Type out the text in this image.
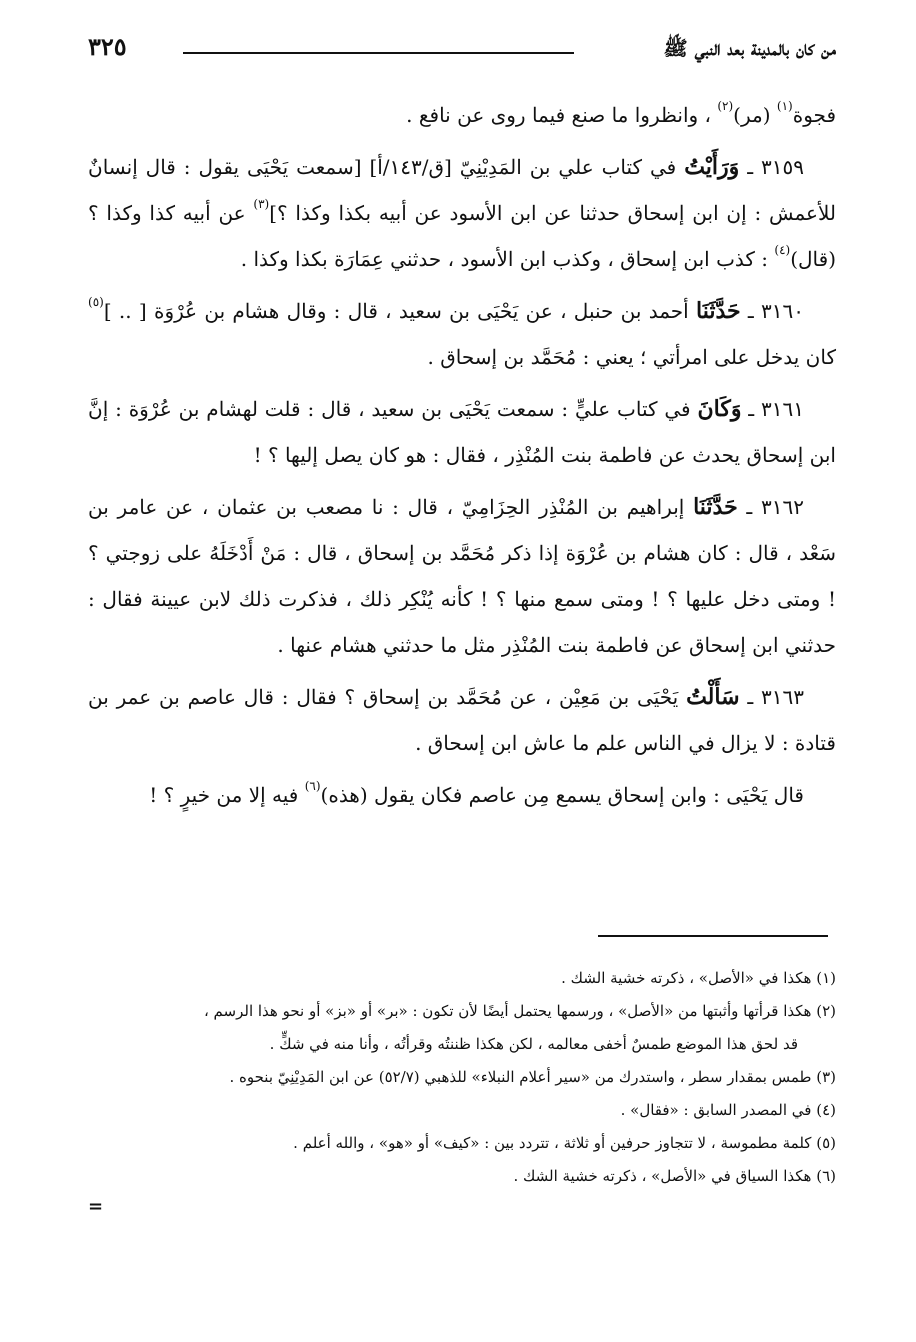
من كان بالمدينة بعد النبي ﷺ
٣٢٥

فجوة$^{(١)}$ (مر)$^{(٢)}$ ، وانظروا ما صنع فيما روى عن نافع .

٣١٥٩ ـ وَرَأَيْتُ في كتاب علي بن المَدِيْنِيّ [ق/١٤٣/أ] [سمعت يَحْيَى يقول : قال إنسانٌ للأعمش : إن ابن إسحاق حدثنا عن ابن الأسود عن أبيه بكذا وكذا ؟]$^{(٣)}$ عن أبيه كذا وكذا ؟ (قال)$^{(٤)}$ : كذب ابن إسحاق ، وكذب ابن الأسود ، حدثني عِمَارَة بكذا وكذا .

٣١٦٠ ـ حَدَّثَنَا أحمد بن حنبل ، عن يَحْيَى بن سعيد ، قال : وقال هشام بن عُرْوَة [ .. ]$^{(٥)}$ كان يدخل على امرأتي ؛ يعني : مُحَمَّد بن إسحاق .

٣١٦١ ـ وَكَانَ في كتاب عليٍّ : سمعت يَحْيَى بن سعيد ، قال : قلت لهشام بن عُرْوَة : إنَّ ابن إسحاق يحدث عن فاطمة بنت المُنْذِر ، فقال : هو كان يصل إليها ؟ !

٣١٦٢ ـ حَدَّثَنَا إبراهيم بن المُنْذِر الحِزَامِيّ ، قال : نا مصعب بن عثمان ، عن عامر بن سَعْد ، قال : كان هشام بن عُرْوَة إذا ذكر مُحَمَّد بن إسحاق ، قال : مَنْ أَدْخَلَهُ على زوجتي ؟ ! ومتى دخل عليها ؟ ! ومتى سمع منها ؟ ! كأنه يُنْكِر ذلك ، فذكرت ذلك لابن عيينة فقال : حدثني ابن إسحاق عن فاطمة بنت المُنْذِر مثل ما حدثني هشام عنها .

٣١٦٣ ـ سَأَلْتُ يَحْيَى بن مَعِيْن ، عن مُحَمَّد بن إسحاق ؟ فقال : قال عاصم بن عمر بن قتادة : لا يزال في الناس علم ما عاش ابن إسحاق .

قال يَحْيَى : وابن إسحاق يسمع مِن عاصم فكان يقول (هذه)$^{(٦)}$ فيه إلا من خيرٍ ؟ !

(١) هكذا في «الأصل» ، ذكرته خشية الشك .

(٢) هكذا قرأتها وأثبتها من «الأصل» ، ورسمها يحتمل أيضًا لأن تكون : «بر» أو «بز» أو نحو هذا الرسم ،
قد لحق هذا الموضع طمسٌ أخفى معالمه ، لكن هكذا ظننتُه وقرأتُه ، وأنا منه في شكٍّ .

(٣) طمس بمقدار سطر ، واستدرك من «سير أعلام النبلاء» للذهبي (٥٢/٧) عن ابن المَدِيْنِيّ بنحوه .

(٤) في المصدر السابق : «فقال» .

(٥) كلمة مطموسة ، لا تتجاوز حرفين أو ثلاثة ، تتردد بين : «كيف» أو «هو» ، والله أعلم .

(٦) هكذا السياق في «الأصل» ، ذكرته خشية الشك .

=
